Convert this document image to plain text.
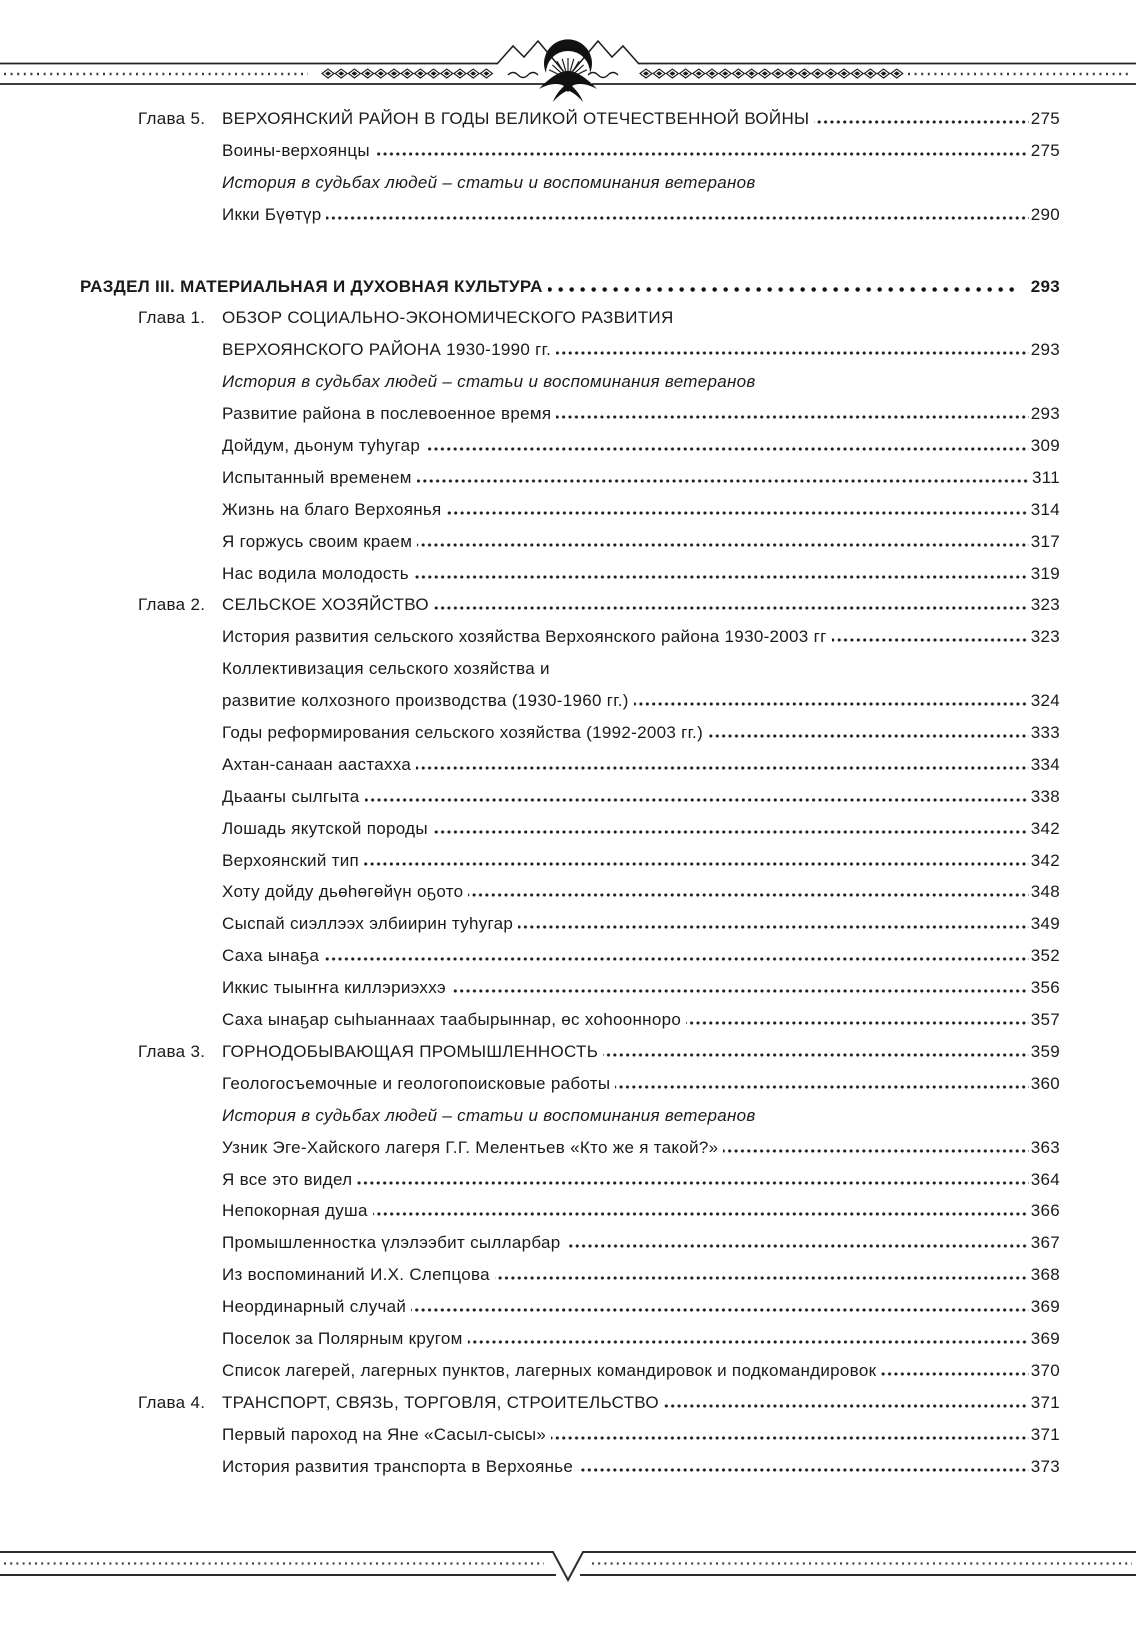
Глава 5. ВЕРХОЯНСКИЙ РАЙОН В ГОДЫ ВЕЛИКОЙ ОТЕЧЕСТВЕННОЙ ВОЙНЫ	275
Воины-верхоянцы	275
История в судьбах людей – статьи и воспоминания ветеранов
Икки Бүөтүр	290
РАЗДЕЛ III. МАТЕРИАЛЬНАЯ И ДУХОВНАЯ КУЛЬТУРА	293
Глава 1. ОБЗОР СОЦИАЛЬНО-ЭКОНОМИЧЕСКОГО РАЗВИТИЯ
ВЕРХОЯНСКОГО РАЙОНА 1930-1990 гг.	293
История в судьбах людей – статьи и воспоминания ветеранов
Развитие района в послевоенное время	293
Дойдум, дьонум туһугар	309
Испытанный временем	311
Жизнь на благо Верхоянья	314
Я горжусь своим краем	317
Нас водила молодость	319
Глава 2. СЕЛЬСКОЕ ХОЗЯЙСТВО	323
История развития сельского хозяйства Верхоянского района 1930-2003 гг	323
Коллективизация сельского хозяйства и
развитие колхозного производства (1930-1960 гг.)	324
Годы реформирования сельского хозяйства (1992-2003 гг.)	333
Ахтан-санаан аастахха	334
Дьааҥы сылгыта	338
Лошадь якутской породы	342
Верхоянский тип	342
Хоту дойду дьөһөгөйүн оҕото	348
Сыспай сиэллээх элбиирин туһугар	349
Саха ынаҕа	352
Иккис тыыҥҥа киллэриэххэ	356
Саха ынаҕар сыһыаннаах таабырыннар, өс хоһоонноро	357
Глава 3. ГОРНОДОБЫВАЮЩАЯ ПРОМЫШЛЕННОСТЬ	359
Геологосъемочные и геологопоисковые работы	360
История в судьбах людей – статьи и воспоминания ветеранов
Узник Эге-Хайского лагеря Г.Г. Мелентьев «Кто же я такой?»	363
Я все это видел	364
Непокорная душа	366
Промышленностка үлэлээбит сылларбар	367
Из воспоминаний И.Х. Слепцова	368
Неординарный случай	369
Поселок за Полярным кругом	369
Список лагерей, лагерных пунктов, лагерных командировок и подкомандировок	370
Глава 4. ТРАНСПОРТ, СВЯЗЬ, ТОРГОВЛЯ, СТРОИТЕЛЬСТВО	371
Первый пароход на Яне «Сасыл-сысы»	371
История развития транспорта в Верхоянье	373
